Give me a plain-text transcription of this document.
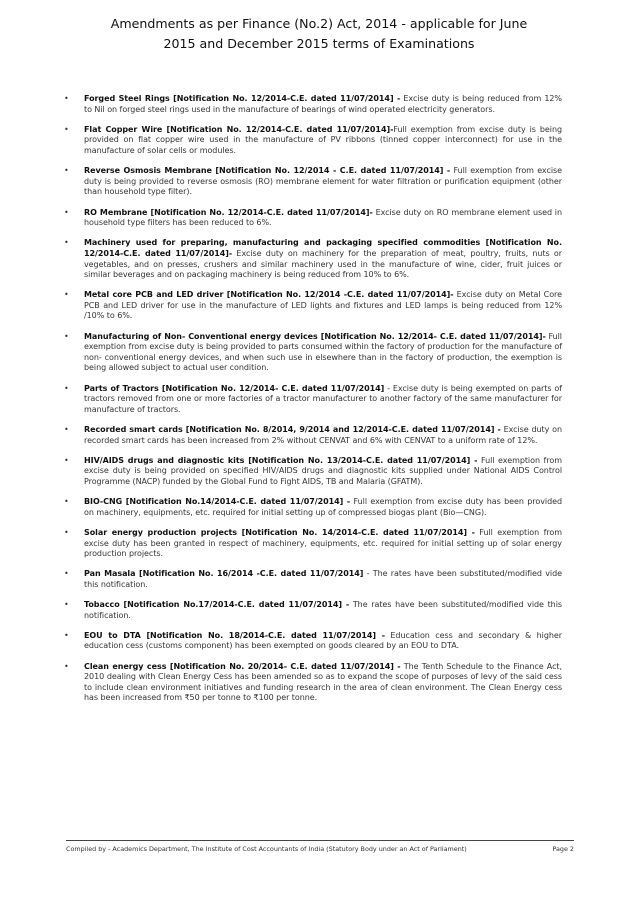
Amendments as per Finance (No.2) Act, 2014 - applicable for June
2015 and December 2015 terms of Examinations
• Forged Steel Rings [Notification No. 12/2014-C.E. dated 11/07/2014] - Excise duty is being reduced from 12% to Nil on forged steel rings used in the manufacture of bearings of wind operated electricity generators.
• Flat Copper Wire [Notification No. 12/2014-C.E. dated 11/07/2014]-Full exemption from excise duty is being provided on flat copper wire used in the manufacture of PV ribbons (tinned copper interconnect) for use in the manufacture of solar cells or modules.
• Reverse Osmosis Membrane [Notification No. 12/2014 - C.E. dated 11/07/2014] - Full exemption from excise duty is being provided to reverse osmosis (RO) membrane element for water filtration or purification equipment (other than household type filter).
• RO Membrane [Notification No. 12/2014-C.E. dated 11/07/2014]- Excise duty on RO membrane element used in household type filters has been reduced to 6%.
• Machinery used for preparing, manufacturing and packaging specified commodities [Notification No. 12/2014-C.E. dated 11/07/2014]- Excise duty on machinery for the preparation of meat, poultry, fruits, nuts or vegetables, and on presses, crushers and similar machinery used in the manufacture of wine, cider, fruit juices or similar beverages and on packaging machinery is being reduced from 10% to 6%.
• Metal core PCB and LED driver [Notification No. 12/2014 -C.E. dated 11/07/2014]- Excise duty on Metal Core PCB and LED driver for use in the manufacture of LED lights and fixtures and LED lamps is being reduced from 12% /10% to 6%.
• Manufacturing of Non- Conventional energy devices [Notification No. 12/2014- C.E. dated 11/07/2014]- Full exemption from excise duty is being provided to parts consumed within the factory of production for the manufacture of non- conventional energy devices, and when such use in elsewhere than in the factory of production, the exemption is being allowed subject to actual user condition.
• Parts of Tractors [Notification No. 12/2014- C.E. dated 11/07/2014] - Excise duty is being exempted on parts of tractors removed from one or more factories of a tractor manufacturer to another factory of the same manufacturer for manufacture of tractors.
• Recorded smart cards [Notification No. 8/2014, 9/2014 and 12/2014-C.E. dated 11/07/2014] - Excise duty on recorded smart cards has been increased from 2% without CENVAT and 6% with CENVAT to a uniform rate of 12%.
• HIV/AIDS drugs and diagnostic kits [Notification No. 13/2014-C.E. dated 11/07/2014] - Full exemption from excise duty is being provided on specified HIV/AIDS drugs and diagnostic kits supplied under National AIDS Control Programme (NACP) funded by the Global Fund to Fight AIDS, TB and Malaria (GFATM).
• BIO-CNG [Notification No.14/2014-C.E. dated 11/07/2014] - Full exemption from excise duty has been provided on machinery, equipments, etc. required for initial setting up of compressed biogas plant (Bio—CNG).
• Solar energy production projects [Notification No. 14/2014-C.E. dated 11/07/2014] - Full exemption from excise duty has been granted in respect of machinery, equipments, etc. required for initial setting up of solar energy production projects.
• Pan Masala [Notification No. 16/2014 -C.E. dated 11/07/2014] - The rates have been substituted/modified vide this notification.
• Tobacco [Notification No.17/2014-C.E. dated 11/07/2014] - The rates have been substituted/modified vide this notification.
• EOU to DTA [Notification No. 18/2014-C.E. dated 11/07/2014] - Education cess and secondary & higher education cess (customs component) has been exempted on goods cleared by an EOU to DTA.
• Clean energy cess [Notification No. 20/2014- C.E. dated 11/07/2014] - The Tenth Schedule to the Finance Act, 2010 dealing with Clean Energy Cess has been amended so as to expand the scope of purposes of levy of the said cess to include clean environment initiatives and funding research in the area of clean environment. The Clean Energy cess has been increased from ₹50 per tonne to ₹100 per tonne.
Compiled by - Academics Department, The Institute of Cost Accountants of India (Statutory Body under an Act of Parliament)	Page 2
